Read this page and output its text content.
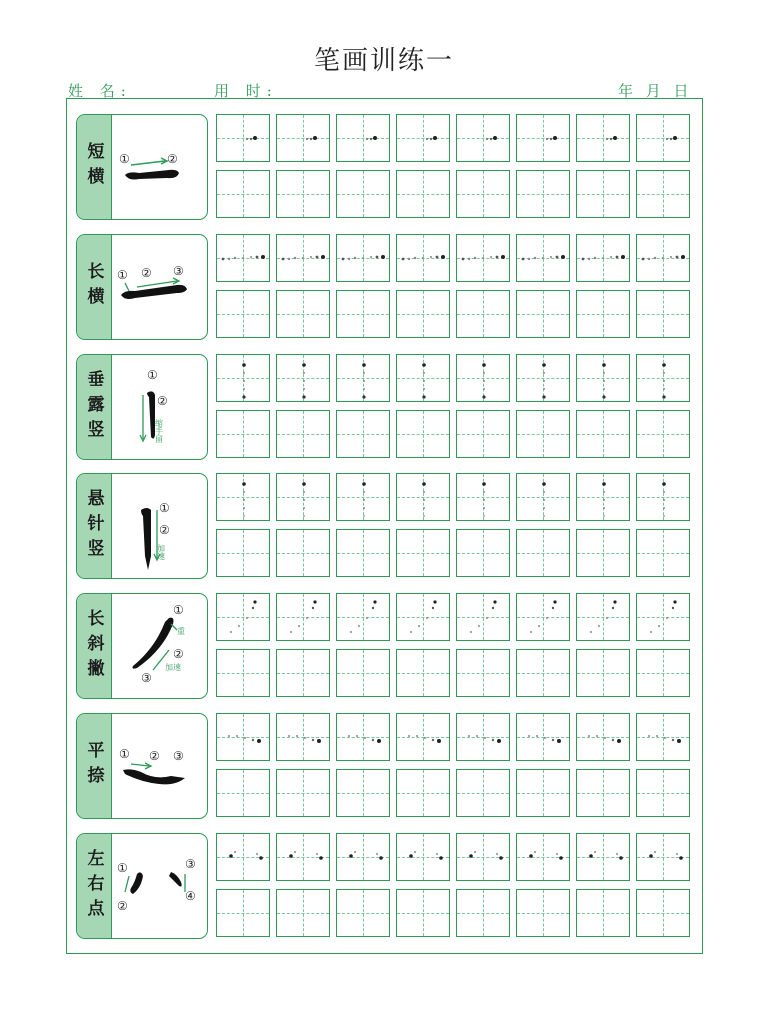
笔画训练一
姓 名:	用 时:	年 月 日
短横 ①	②
长横 ① ② ③
垂露竖	①
②
缩手留
悬针竖	①
②
加速
长斜撇	①
②
③
重
加速
平捺 ① ② ③
左右点 ①
②
③
④
